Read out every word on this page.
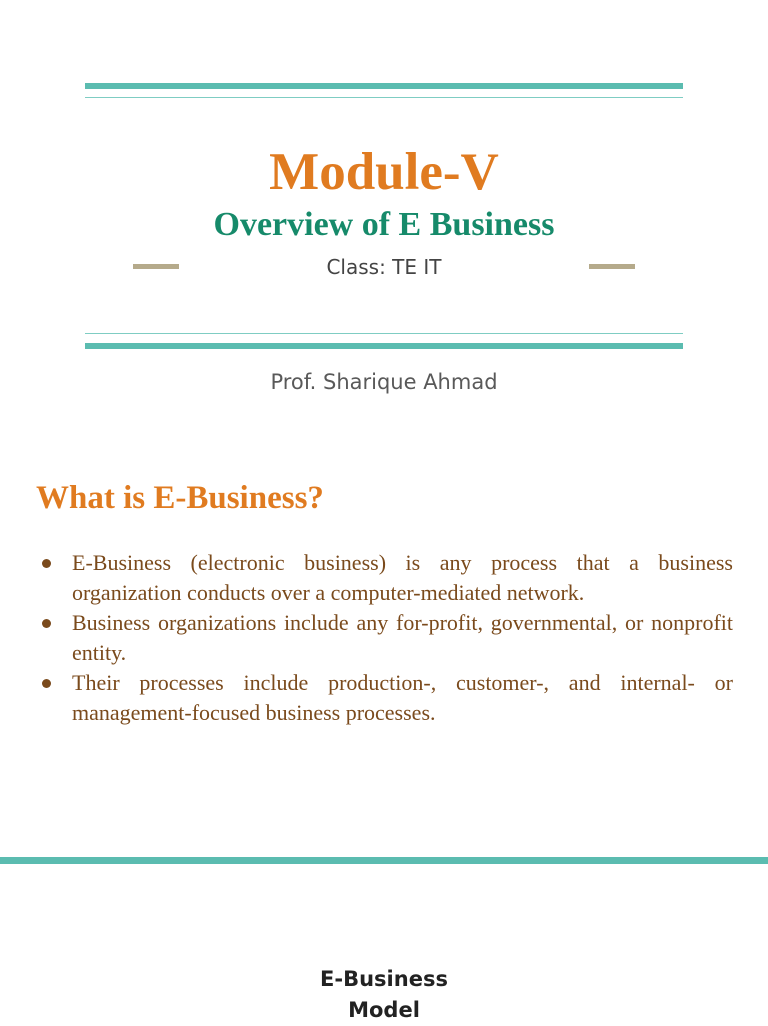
Module-V
Overview of E Business
Class: TE IT
Prof. Sharique Ahmad
What is E-Business?
E-Business (electronic business) is any process that a business organization conducts over a computer-mediated network.
Business organizations include any for-profit, governmental, or nonprofit entity.
Their processes include production-, customer-, and internal- or management-focused business processes.
E-Business
Model
